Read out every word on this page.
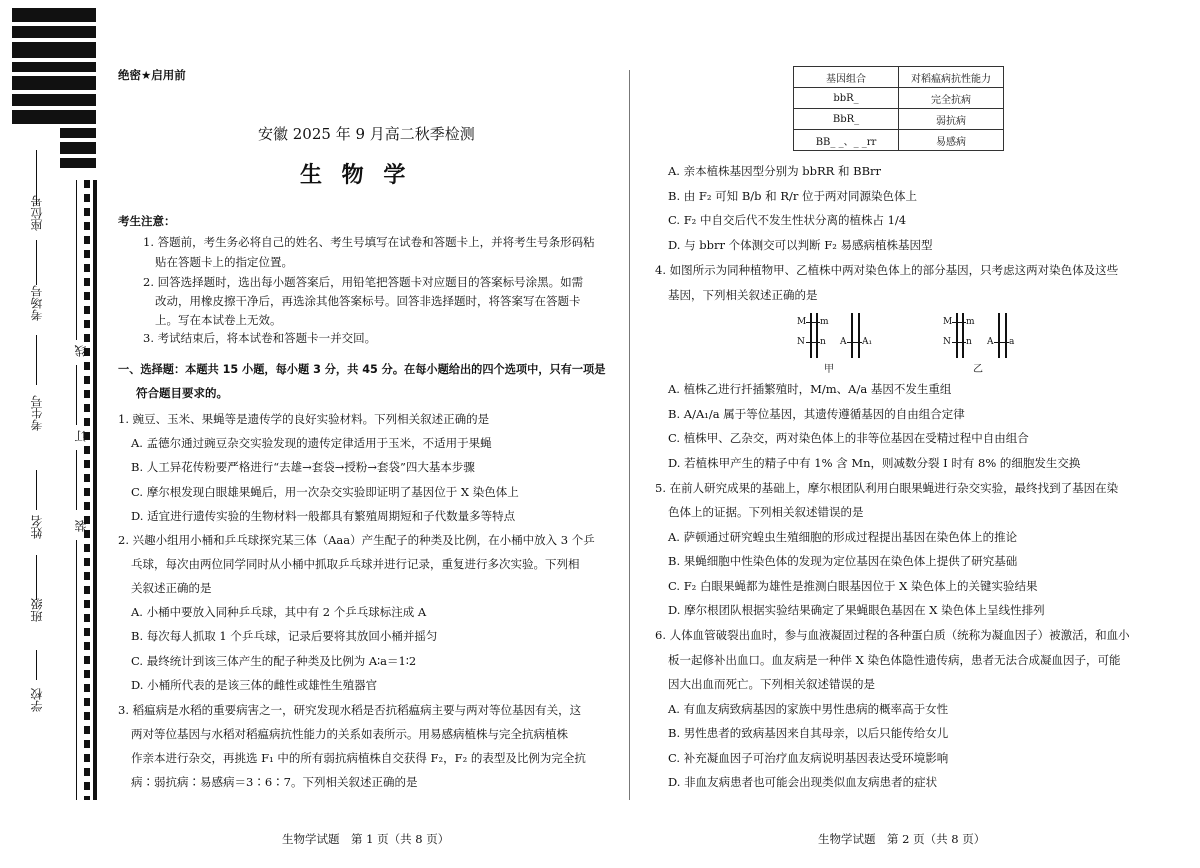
座位号
考场号
考生号
姓名
班级
学校
线
订
装
绝密★启用前
安徽 2025 年 9 月高二秋季检测
生 物 学
考生注意：
1. 答题前，考生务必将自己的姓名、考生号填写在试卷和答题卡上，并将考生号条形码粘
贴在答题卡上的指定位置。
2. 回答选择题时，选出每小题答案后，用铅笔把答题卡对应题目的答案标号涂黑。如需
改动，用橡皮擦干净后，再选涂其他答案标号。回答非选择题时，将答案写在答题卡
上。写在本试卷上无效。
3. 考试结束后，将本试卷和答题卡一并交回。
一、选择题：本题共 15 小题，每小题 3 分，共 45 分。在每小题给出的四个选项中，只有一项是
符合题目要求的。
1. 豌豆、玉米、果蝇等是遗传学的良好实验材料。下列相关叙述正确的是
A. 孟德尔通过豌豆杂交实验发现的遗传定律适用于玉米，不适用于果蝇
B. 人工异花传粉要严格进行“去雄→套袋→授粉→套袋”四大基本步骤
C. 摩尔根发现白眼雄果蝇后，用一次杂交实验即证明了基因位于 X 染色体上
D. 适宜进行遗传实验的生物材料一般都具有繁殖周期短和子代数量多等特点
2. 兴趣小组用小桶和乒乓球探究某三体（Aaa）产生配子的种类及比例，在小桶中放入 3 个乒
乓球，每次由两位同学同时从小桶中抓取乒乓球并进行记录，重复进行多次实验。下列相
关叙述正确的是
A. 小桶中要放入同种乒乓球，其中有 2 个乒乓球标注成 A
B. 每次每人抓取 1 个乒乓球，记录后要将其放回小桶并摇匀
C. 最终统计到该三体产生的配子种类及比例为 A∶a＝1∶2
D. 小桶所代表的是该三体的雌性或雄性生殖器官
3. 稻瘟病是水稻的重要病害之一，研究发现水稻是否抗稻瘟病主要与两对等位基因有关，这
两对等位基因与水稻对稻瘟病抗性能力的关系如表所示。用易感病植株与完全抗病植株
作亲本进行杂交，再挑选 F₁ 中的所有弱抗病植株自交获得 F₂，F₂ 的表型及比例为完全抗
病∶弱抗病∶易感病＝3∶6∶7。下列相关叙述正确的是
生物学试题　第 1 页（共 8 页）
基因组合	对稻瘟病抗性能力
bbR_	完全抗病
BbR_	弱抗病
BB_ _、_ _rr	易感病
A. 亲本植株基因型分别为 bbRR 和 BBrr
B. 由 F₂ 可知 B/b 和 R/r 位于两对同源染色体上
C. F₂ 中自交后代不发生性状分离的植株占 1/4
D. 与 bbrr 个体测交可以判断 F₂ 易感病植株基因型
4. 如图所示为同种植物甲、乙植株中两对染色体上的部分基因，只考虑这两对染色体及这些
基因，下列相关叙述正确的是
M m
N n A A₁
甲
M m
N n A a
乙
A. 植株乙进行扦插繁殖时，M/m、A/a 基因不发生重组
B. A/A₁/a 属于等位基因，其遗传遵循基因的自由组合定律
C. 植株甲、乙杂交，两对染色体上的非等位基因在受精过程中自由组合
D. 若植株甲产生的精子中有 1% 含 Mn，则减数分裂 Ⅰ 时有 8% 的细胞发生交换
5. 在前人研究成果的基础上，摩尔根团队利用白眼果蝇进行杂交实验，最终找到了基因在染
色体上的证据。下列相关叙述错误的是
A. 萨顿通过研究蝗虫生殖细胞的形成过程提出基因在染色体上的推论
B. 果蝇细胞中性染色体的发现为定位基因在染色体上提供了研究基础
C. F₂ 白眼果蝇都为雄性是推测白眼基因位于 X 染色体上的关键实验结果
D. 摩尔根团队根据实验结果确定了果蝇眼色基因在 X 染色体上呈线性排列
6. 人体血管破裂出血时，参与血液凝固过程的各种蛋白质（统称为凝血因子）被激活，和血小
板一起修补出血口。血友病是一种伴 X 染色体隐性遗传病，患者无法合成凝血因子，可能
因大出血而死亡。下列相关叙述错误的是
A. 有血友病致病基因的家族中男性患病的概率高于女性
B. 男性患者的致病基因来自其母亲，以后只能传给女儿
C. 补充凝血因子可治疗血友病说明基因表达受环境影响
D. 非血友病患者也可能会出现类似血友病患者的症状
生物学试题　第 2 页（共 8 页）
